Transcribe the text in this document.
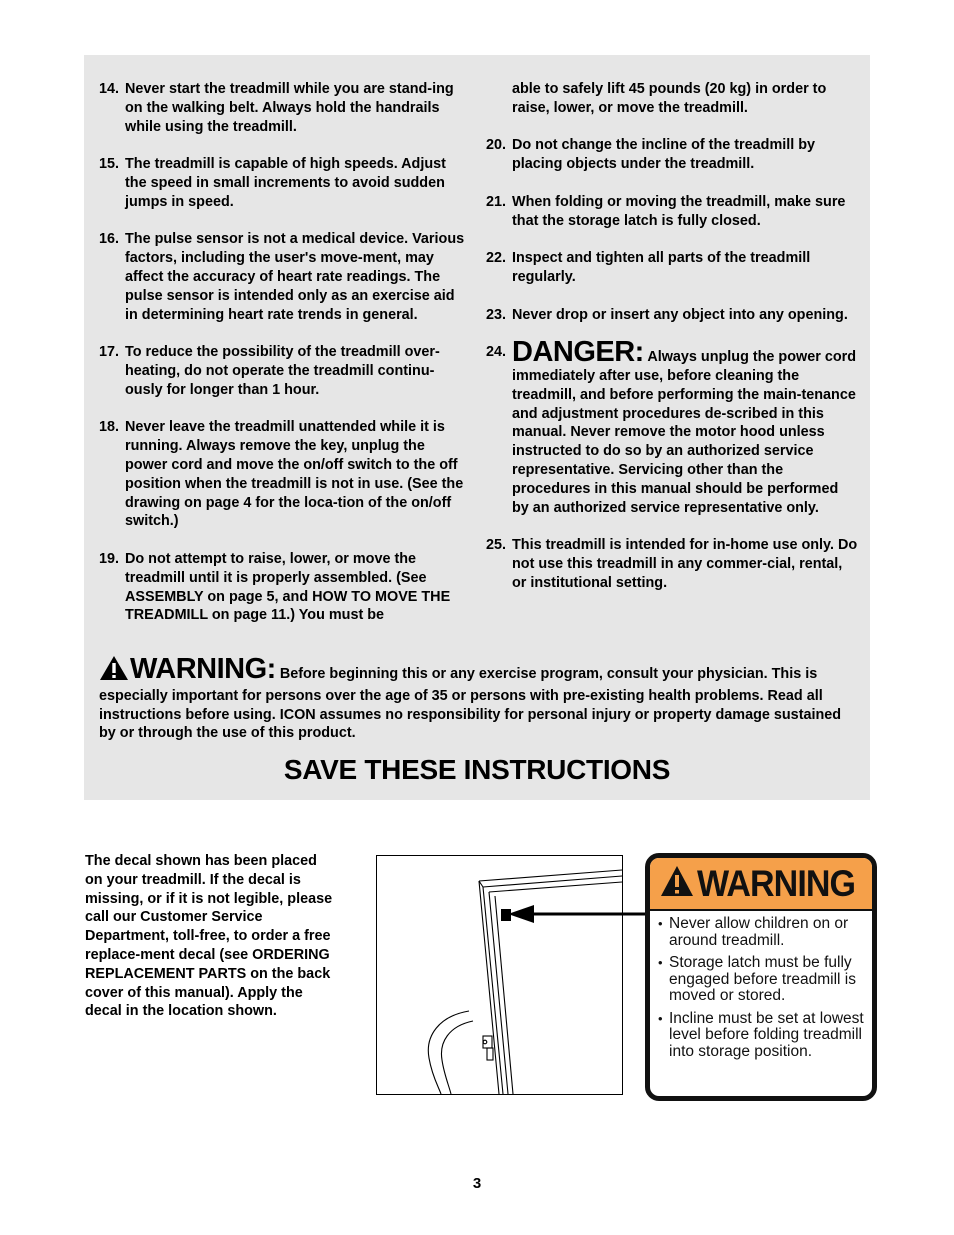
14. Never start the treadmill while you are stand-ing on the walking belt. Always hold the handrails while using the treadmill.
15. The treadmill is capable of high speeds. Adjust the speed in small increments to avoid sudden jumps in speed.
16. The pulse sensor is not a medical device. Various factors, including the user's move-ment, may affect the accuracy of heart rate readings. The pulse sensor is intended only as an exercise aid in determining heart rate trends in general.
17. To reduce the possibility of the treadmill over-heating, do not operate the treadmill continu-ously for longer than 1 hour.
18. Never leave the treadmill unattended while it is running. Always remove the key, unplug the power cord and move the on/off switch to the off position when the treadmill is not in use. (See the drawing on page 4 for the loca-tion of the on/off switch.)
19. Do not attempt to raise, lower, or move the treadmill until it is properly assembled. (See ASSEMBLY on page 5, and HOW TO MOVE THE TREADMILL on page 11.) You must be
able to safely lift 45 pounds (20 kg) in order to raise, lower, or move the treadmill.
20. Do not change the incline of the treadmill by placing objects under the treadmill.
21. When folding or moving the treadmill, make sure that the storage latch is fully closed.
22. Inspect and tighten all parts of the treadmill regularly.
23. Never drop or insert any object into any opening.
24. DANGER: Always unplug the power cord immediately after use, before cleaning the treadmill, and before performing the main-tenance and adjustment procedures de-scribed in this manual. Never remove the motor hood unless instructed to do so by an authorized service representative. Servicing other than the procedures in this manual should be performed by an authorized service representative only.
25. This treadmill is intended for in-home use only. Do not use this treadmill in any commer-cial, rental, or institutional setting.
WARNING: Before beginning this or any exercise program, consult your physician. This is especially important for persons over the age of 35 or persons with pre-existing health problems. Read all instructions before using. ICON assumes no responsibility for personal injury or property damage sustained by or through the use of this product.
SAVE THESE INSTRUCTIONS
The decal shown has been placed on your treadmill. If the decal is missing, or if it is not legible, please call our Customer Service Department, toll-free, to order a free replace-ment decal (see ORDERING REPLACEMENT PARTS on the back cover of this manual). Apply the decal in the location shown.
WARNING
• Never allow children on or around treadmill.
• Storage latch must be fully engaged before treadmill is moved or stored.
• Incline must be set at lowest level before folding treadmill into storage position.
3
